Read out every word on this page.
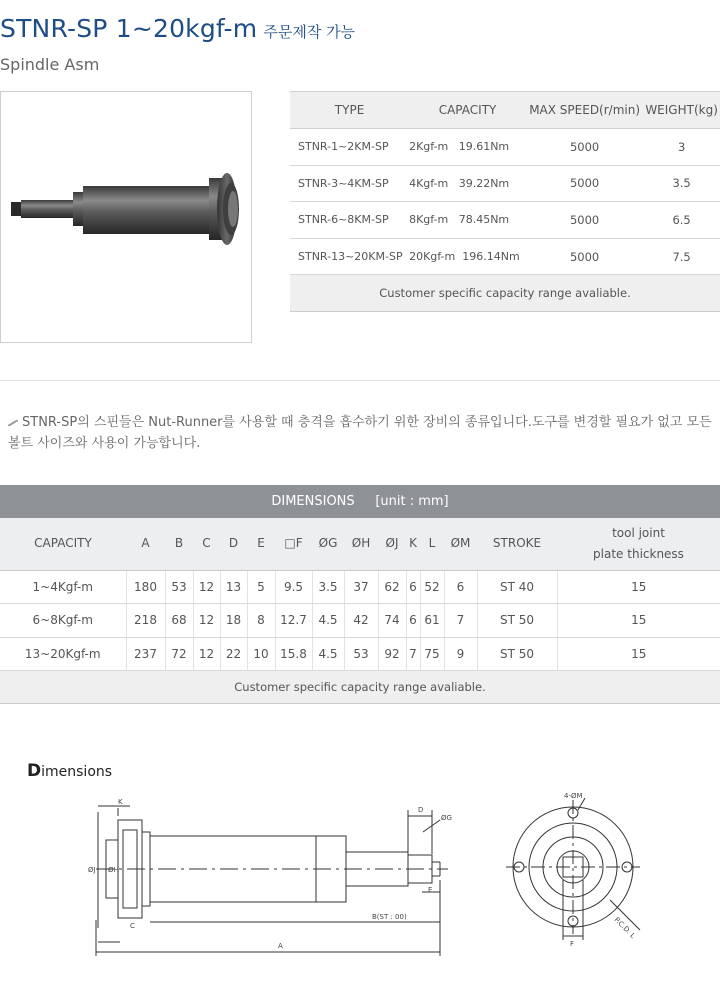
STNR-SP 1~20kgf-m 주문제작 가능
Spindle Asm
TYPE	CAPACITY	MAX SPEED(r/min)	WEIGHT(kg)
STNR-1~2KM-SP	2Kgf-m   19.61Nm	5000	3
STNR-3~4KM-SP	4Kgf-m   39.22Nm	5000	3.5
STNR-6~8KM-SP	8Kgf-m   78.45Nm	5000	6.5
STNR-13~20KM-SP	20Kgf-m  196.14Nm	5000	7.5
Customer specific capacity range avaliable.			
STNR-SP의 스핀들은 Nut-Runner를 사용할 때 충격을 흡수하기 위한 장비의 종류입니다.도구를 변경할 필요가 없고 모든 볼트 사이즈와 사용이 가능합니다.
DIMENSIONS [unit : mm]														
CAPACITY	A	B	C	D	E	□F	ØG	ØH	ØJ	K	L	ØM	STROKE	tool joint
plate thickness
1~4Kgf-m	180	53	12	13	5	9.5	3.5	37	62	6	52	6	ST 40	15
6~8Kgf-m	218	68	12	18	8	12.7	4.5	42	74	6	61	7	ST 50	15
13~20Kgf-m	237	72	12	22	10	15.8	4.5	53	92	7	75	9	ST 50	15
Customer specific capacity range avaliable.														
Dimensions
K
ØJ ØH
C
A
B(ST : 00)
D
ØG
E
4-ØM
F
P.C.D. L
